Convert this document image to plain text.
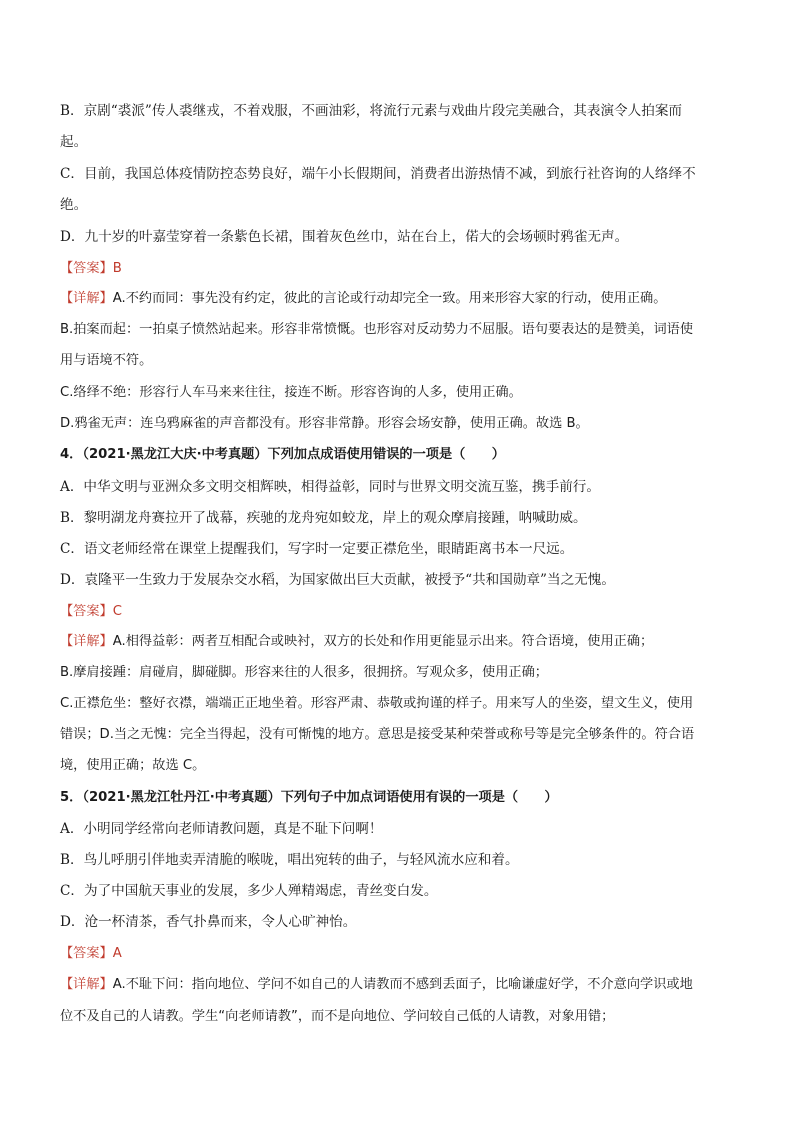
B．京剧“裘派”传人裘继戎，不着戏服，不画油彩，将流行元素与戏曲片段完美融合，其表演令人拍案而
起。
C．目前，我国总体疫情防控态势良好，端午小长假期间，消费者出游热情不减，到旅行社咨询的人络绎不
绝。
D．九十岁的叶嘉莹穿着一条紫色长裙，围着灰色丝巾，站在台上，偌大的会场顿时鸦雀无声。
【答案】B
【详解】A.不约而同：事先没有约定，彼此的言论或行动却完全一致。用来形容大家的行动，使用正确。
B.拍案而起：一拍桌子愤然站起来。形容非常愤慨。也形容对反动势力不屈服。语句要表达的是赞美，词语使
用与语境不符。
C.络绎不绝：形容行人车马来来往往，接连不断。形容咨询的人多，使用正确。
D.鸦雀无声：连乌鸦麻雀的声音都没有。形容非常静。形容会场安静，使用正确。故选 B。
4．（2021·黑龙江大庆·中考真题）下列加点成语使用错误的一项是（　　）
A．中华文明与亚洲众多文明交相辉映，相得益彰，同时与世界文明交流互鉴，携手前行。
B．黎明湖龙舟赛拉开了战幕，疾驰的龙舟宛如蛟龙，岸上的观众摩肩接踵，呐喊助威。
C．语文老师经常在课堂上提醒我们，写字时一定要正襟危坐，眼睛距离书本一尺远。
D．袁隆平一生致力于发展杂交水稻，为国家做出巨大贡献，被授予“共和国勋章”当之无愧。
【答案】C
【详解】A.相得益彰：两者互相配合或映衬，双方的长处和作用更能显示出来。符合语境，使用正确；
B.摩肩接踵：肩碰肩，脚碰脚。形容来往的人很多，很拥挤。写观众多，使用正确；
C.正襟危坐：整好衣襟，端端正正地坐着。形容严肃、恭敬或拘谨的样子。用来写人的坐姿，望文生义，使用
错误；D.当之无愧：完全当得起，没有可惭愧的地方。意思是接受某种荣誉或称号等是完全够条件的。符合语
境，使用正确；故选 C。
5．（2021·黑龙江牡丹江·中考真题）下列句子中加点词语使用有误的一项是（　　）
A．小明同学经常向老师请教问题，真是不耻下问啊！
B．鸟儿呼朋引伴地卖弄清脆的喉咙，唱出宛转的曲子，与轻风流水应和着。
C．为了中国航天事业的发展，多少人殚精竭虑，青丝变白发。
D．沧一杯清茶，香气扑鼻而来，令人心旷神怡。
【答案】A
【详解】A.不耻下问：指向地位、学问不如自己的人请教而不感到丢面子，比喻谦虚好学，不介意向学识或地
位不及自己的人请教。学生“向老师请教”，而不是向地位、学问较自己低的人请教，对象用错；
